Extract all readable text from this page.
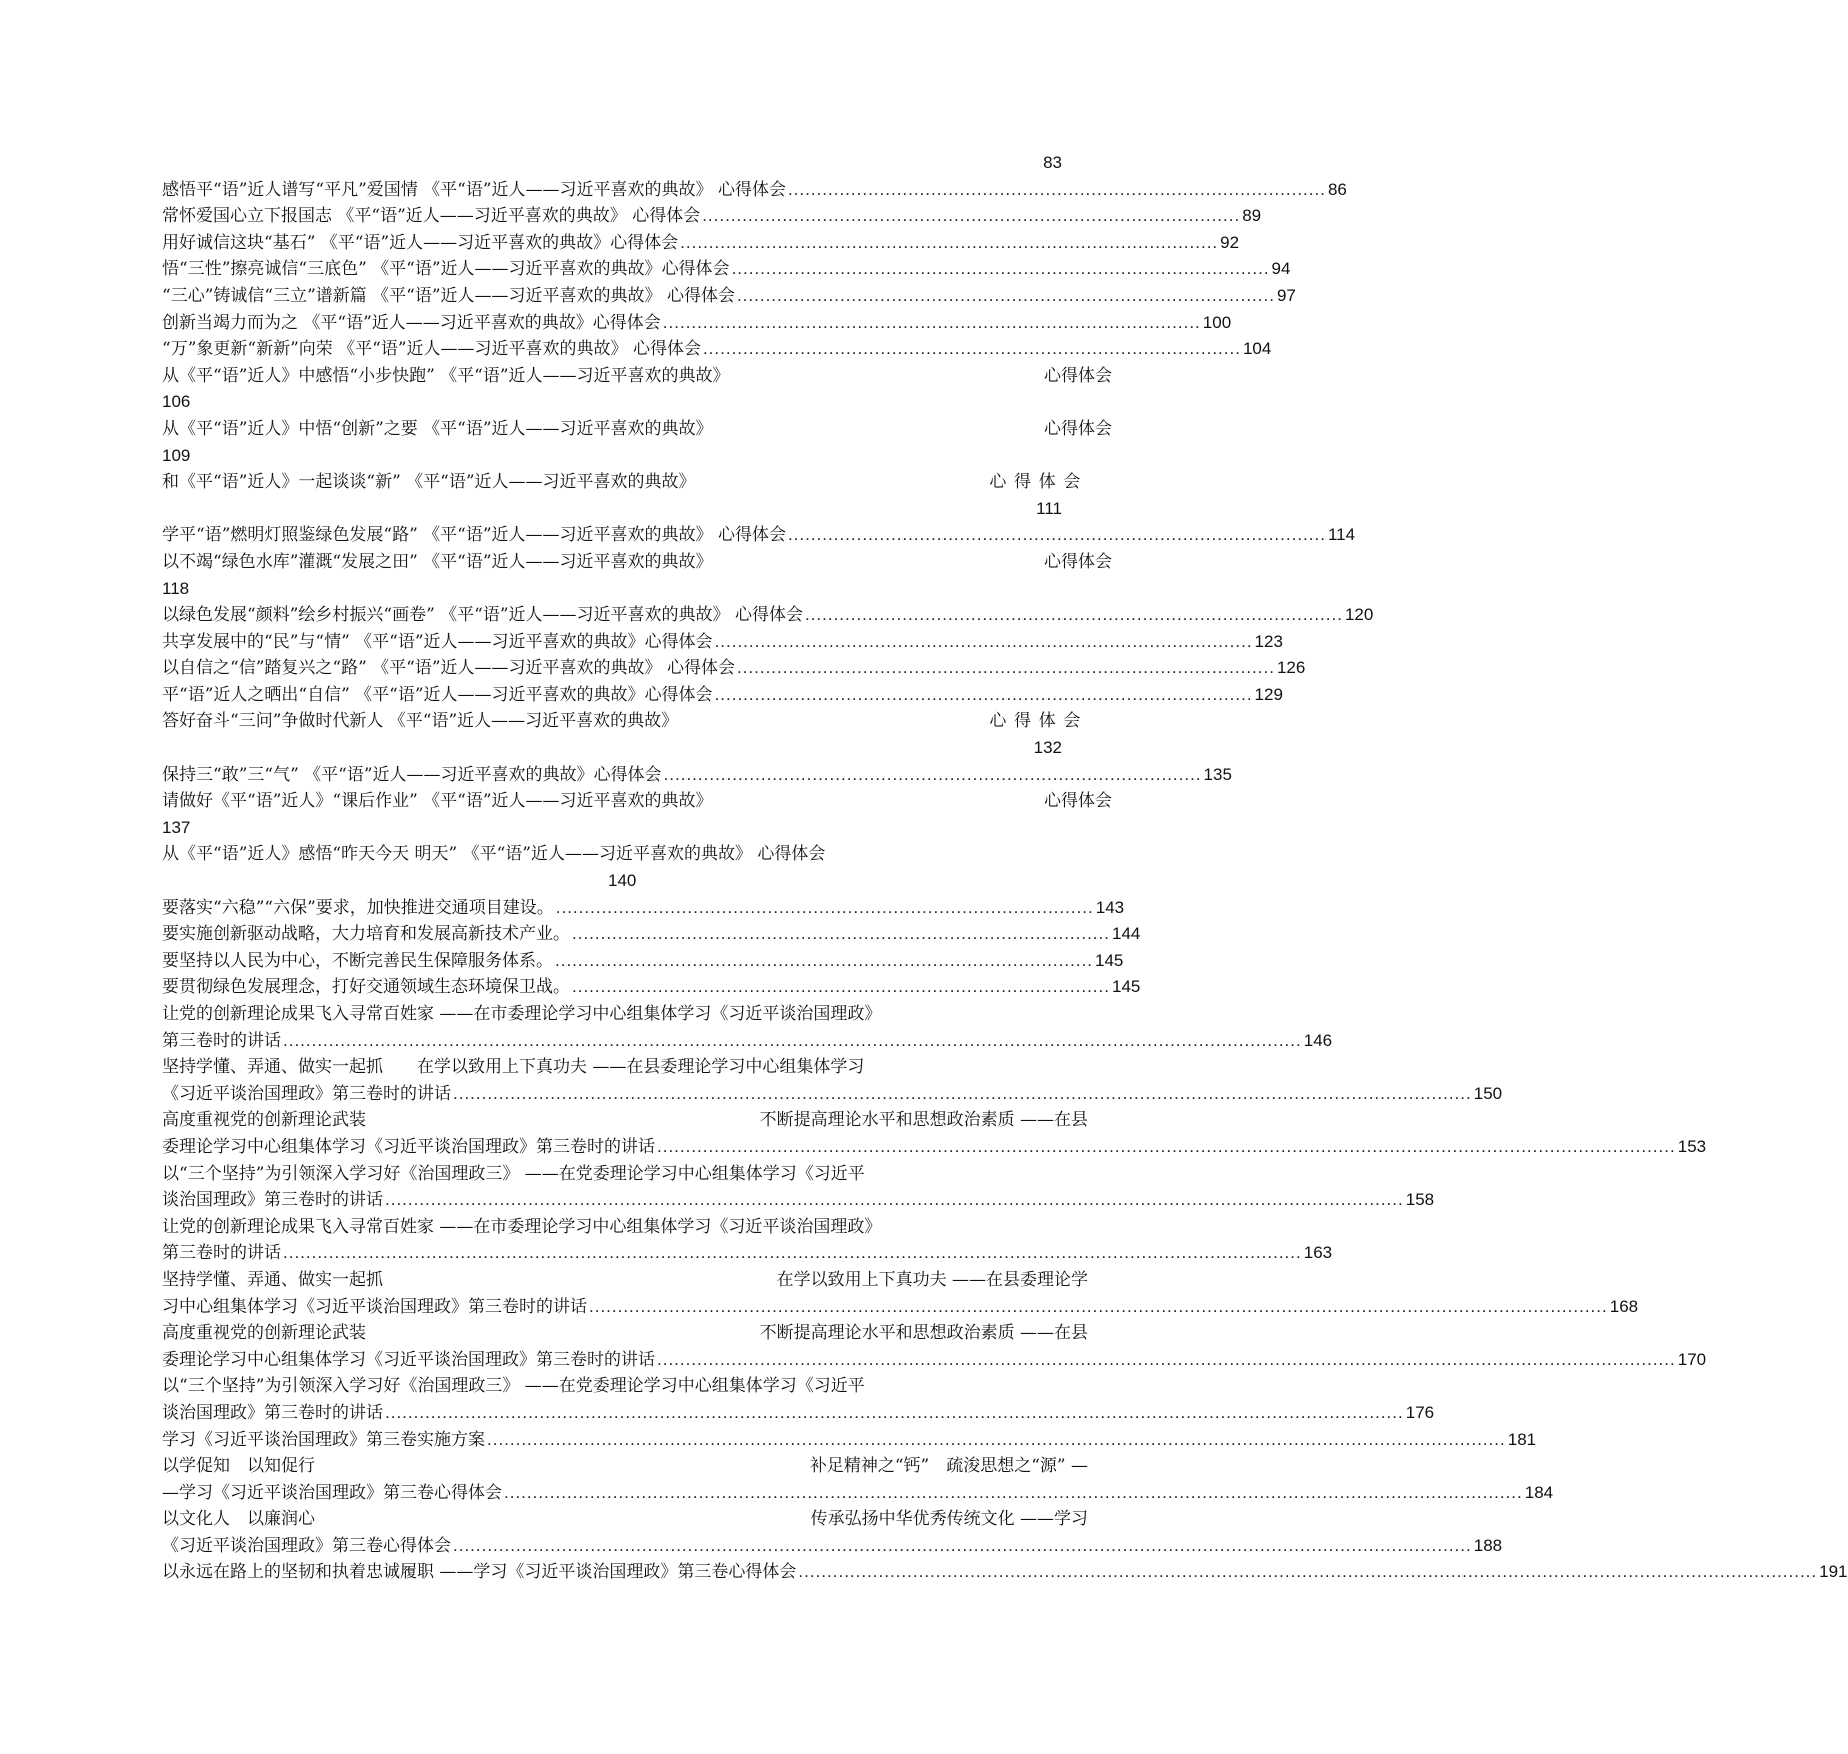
83
感悟平“语”近人谱写“平凡”爱国情 《平“语”近人——习近平喜欢的典故》 心得体会 .............................................................................................. 86
常怀爱国心立下报国志 《平“语”近人——习近平喜欢的典故》 心得体会 .............................................................................................. 89
用好诚信这块“基石” 《平“语”近人——习近平喜欢的典故》 心得体会 .............................................................................................. 92
悟“三性”擦亮诚信“三底色” 《平“语”近人——习近平喜欢的典故》 心得体会 .............................................................................................. 94
“三心”铸诚信“三立”谱新篇 《平“语”近人——习近平喜欢的典故》 心得体会 .............................................................................................. 97
创新当竭力而为之 《平“语”近人——习近平喜欢的典故》 心得体会 .............................................................................................. 100
“万”象更新“新新”向荣 《平“语”近人——习近平喜欢的典故》 心得体会 .............................................................................................. 104
从《平“语”近人》中感悟“小步快跑” 《平“语”近人——习近平喜欢的典故》	心得体会
106
从《平“语”近人》中悟“创新”之要 《平“语”近人——习近平喜欢的典故》	心得体会
109
和《平“语”近人》一起谈谈“新” 《平“语”近人——习近平喜欢的典故》	心得体会
111
学平“语”燃明灯照鉴绿色发展“路” 《平“语”近人——习近平喜欢的典故》 心得体会 .............................................................................................. 114
以不竭“绿色水库”灌溉“发展之田” 《平“语”近人——习近平喜欢的典故》	心得体会
118
以绿色发展“颜料”绘乡村振兴“画卷” 《平“语”近人——习近平喜欢的典故》 心得体会 .............................................................................................. 120
共享发展中的“民”与“情” 《平“语”近人——习近平喜欢的典故》 心得体会 .............................................................................................. 123
以自信之“信”踏复兴之“路” 《平“语”近人——习近平喜欢的典故》 心得体会 .............................................................................................. 126
平“语”近人之晒出“自信” 《平“语”近人——习近平喜欢的典故》 心得体会 .............................................................................................. 129
答好奋斗“三问”争做时代新人 《平“语”近人——习近平喜欢的典故》	心得体会
132
保持三“敢”三“气” 《平“语”近人——习近平喜欢的典故》 心得体会 .............................................................................................. 135
请做好《平“语”近人》“课后作业” 《平“语”近人——习近平喜欢的典故》	心得体会
137
从《平“语”近人》感悟“昨天今天 明天” 《平“语”近人——习近平喜欢的典故》 心得体会
140
要落实“六稳”“六保”要求，加快推进交通项目建设。 .............................................................................................. 143
要实施创新驱动战略，大力培育和发展高新技术产业。 .............................................................................................. 144
要坚持以人民为中心，不断完善民生保障服务体系。 .............................................................................................. 145
要贯彻绿色发展理念，打好交通领域生态环境保卫战。 .............................................................................................. 145
让党的创新理论成果飞入寻常百姓家 ——在市委理论学习中心组集体学习《习近平谈治国理政》
第三卷时的讲话 .................................................................................................................................................................................. 146
坚持学懂、弄通、做实一起抓　　在学以致用上下真功夫 ——在县委理论学习中心组集体学习
《习近平谈治国理政》第三卷时的讲话 .................................................................................................................................................................................. 150
高度重视党的创新理论武装	不断提高理论水平和思想政治素质 ——在县
委理论学习中心组集体学习《习近平谈治国理政》第三卷时的讲话 .................................................................................................................................................................................. 153
以“三个坚持”为引领深入学习好《治国理政三》 ——在党委理论学习中心组集体学习《习近平
谈治国理政》第三卷时的讲话 .................................................................................................................................................................................. 158
让党的创新理论成果飞入寻常百姓家 ——在市委理论学习中心组集体学习《习近平谈治国理政》
第三卷时的讲话 .................................................................................................................................................................................. 163
坚持学懂、弄通、做实一起抓	在学以致用上下真功夫 ——在县委理论学
习中心组集体学习《习近平谈治国理政》第三卷时的讲话 .................................................................................................................................................................................. 168
高度重视党的创新理论武装	不断提高理论水平和思想政治素质 ——在县
委理论学习中心组集体学习《习近平谈治国理政》第三卷时的讲话 .................................................................................................................................................................................. 170
以“三个坚持”为引领深入学习好《治国理政三》 ——在党委理论学习中心组集体学习《习近平
谈治国理政》第三卷时的讲话 .................................................................................................................................................................................. 176
学习《习近平谈治国理政》第三卷实施方案 .................................................................................................................................................................................. 181
以学促知　以知促行	补足精神之“钙”　疏浚思想之“源” —
—学习《习近平谈治国理政》第三卷心得体会 .................................................................................................................................................................................. 184
以文化人　以廉润心	传承弘扬中华优秀传统文化 ——学习
《习近平谈治国理政》第三卷心得体会 .................................................................................................................................................................................. 188
以永远在路上的坚韧和执着忠诚履职 ——学习《习近平谈治国理政》第三卷心得体会 .................................................................................................................................................................................. 191
